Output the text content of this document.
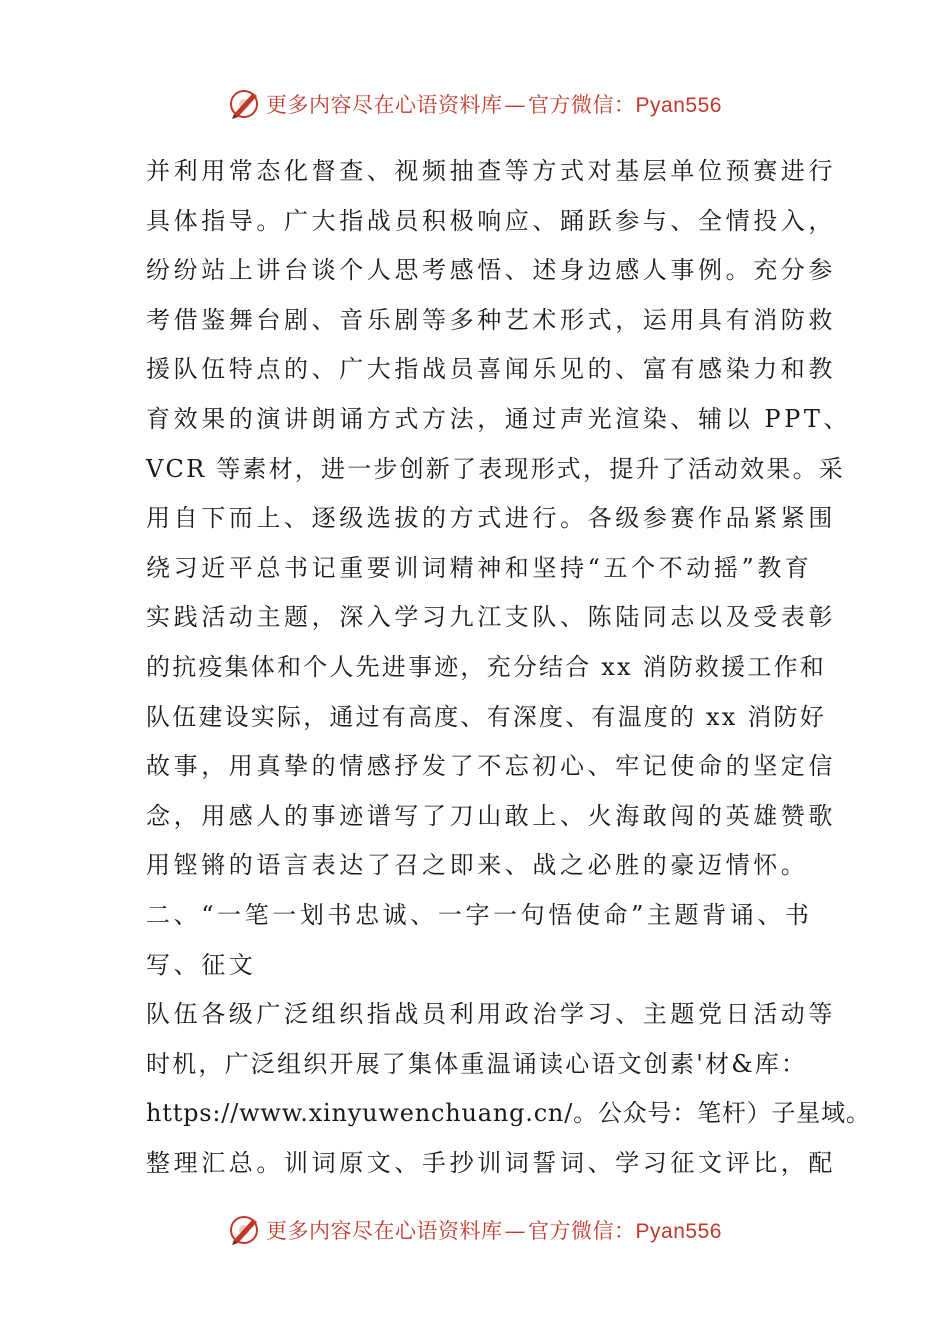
更多内容尽在心语资料库—官方微信：Pyan556
并利用常态化督查、视频抽查等方式对基层单位预赛进行
具体指导。广大指战员积极响应、踊跃参与、全情投入，
纷纷站上讲台谈个人思考感悟、述身边感人事例。充分参
考借鉴舞台剧、音乐剧等多种艺术形式，运用具有消防救
援队伍特点的、广大指战员喜闻乐见的、富有感染力和教
育效果的演讲朗诵方式方法，通过声光渲染、辅以 PPT、
VCR 等素材，进一步创新了表现形式，提升了活动效果。采
用自下而上、逐级选拔的方式进行。各级参赛作品紧紧围
绕习近平总书记重要训词精神和坚持“五个不动摇”教育
实践活动主题，深入学习九江支队、陈陆同志以及受表彰
的抗疫集体和个人先进事迹，充分结合 xx 消防救援工作和
队伍建设实际，通过有高度、有深度、有温度的 xx 消防好
故事，用真挚的情感抒发了不忘初心、牢记使命的坚定信
念，用感人的事迹谱写了刀山敢上、火海敢闯的英雄赞歌
用铿锵的语言表达了召之即来、战之必胜的豪迈情怀。
二、“一笔一划书忠诚、一字一句悟使命”主题背诵、书
写、征文
队伍各级广泛组织指战员利用政治学习、主题党日活动等
时机，广泛组织开展了集体重温诵读心语文创素'材&库：
https://www.xinyuwenchuang.cn/。公众号：笔杆）子星域。
整理汇总。训词原文、手抄训词誓词、学习征文评比，配
更多内容尽在心语资料库—官方微信：Pyan556
